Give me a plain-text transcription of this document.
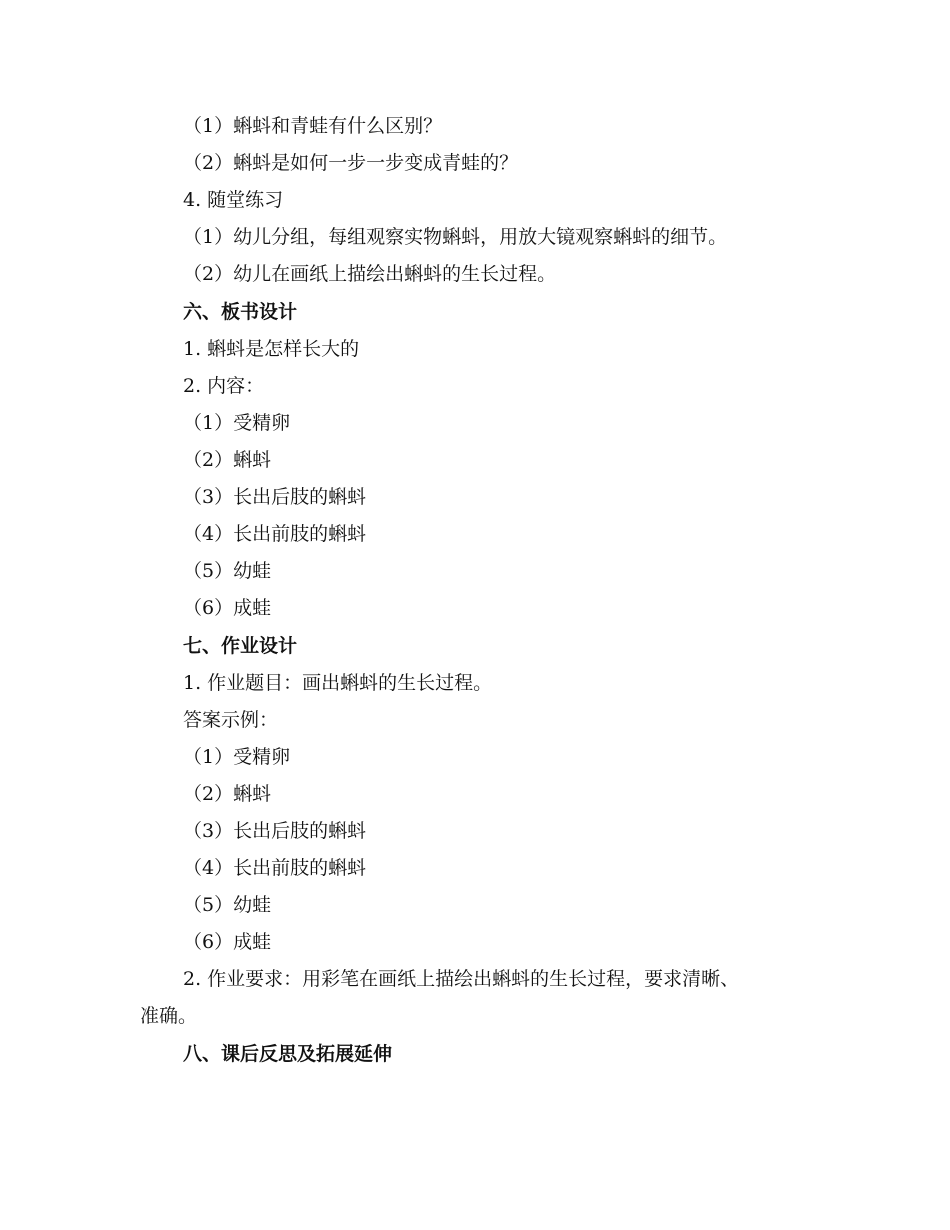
（1）蝌蚪和青蛙有什么区别？
（2）蝌蚪是如何一步一步变成青蛙的？
4. 随堂练习
（1）幼儿分组，每组观察实物蝌蚪，用放大镜观察蝌蚪的细节。
（2）幼儿在画纸上描绘出蝌蚪的生长过程。
六、板书设计
1. 蝌蚪是怎样长大的
2. 内容：
（1）受精卵
（2）蝌蚪
（3）长出后肢的蝌蚪
（4）长出前肢的蝌蚪
（5）幼蛙
（6）成蛙
七、作业设计
1. 作业题目：画出蝌蚪的生长过程。
答案示例：
（1）受精卵
（2）蝌蚪
（3）长出后肢的蝌蚪
（4）长出前肢的蝌蚪
（5）幼蛙
（6）成蛙
2. 作业要求：用彩笔在画纸上描绘出蝌蚪的生长过程，要求清晰、
准确。
八、课后反思及拓展延伸
